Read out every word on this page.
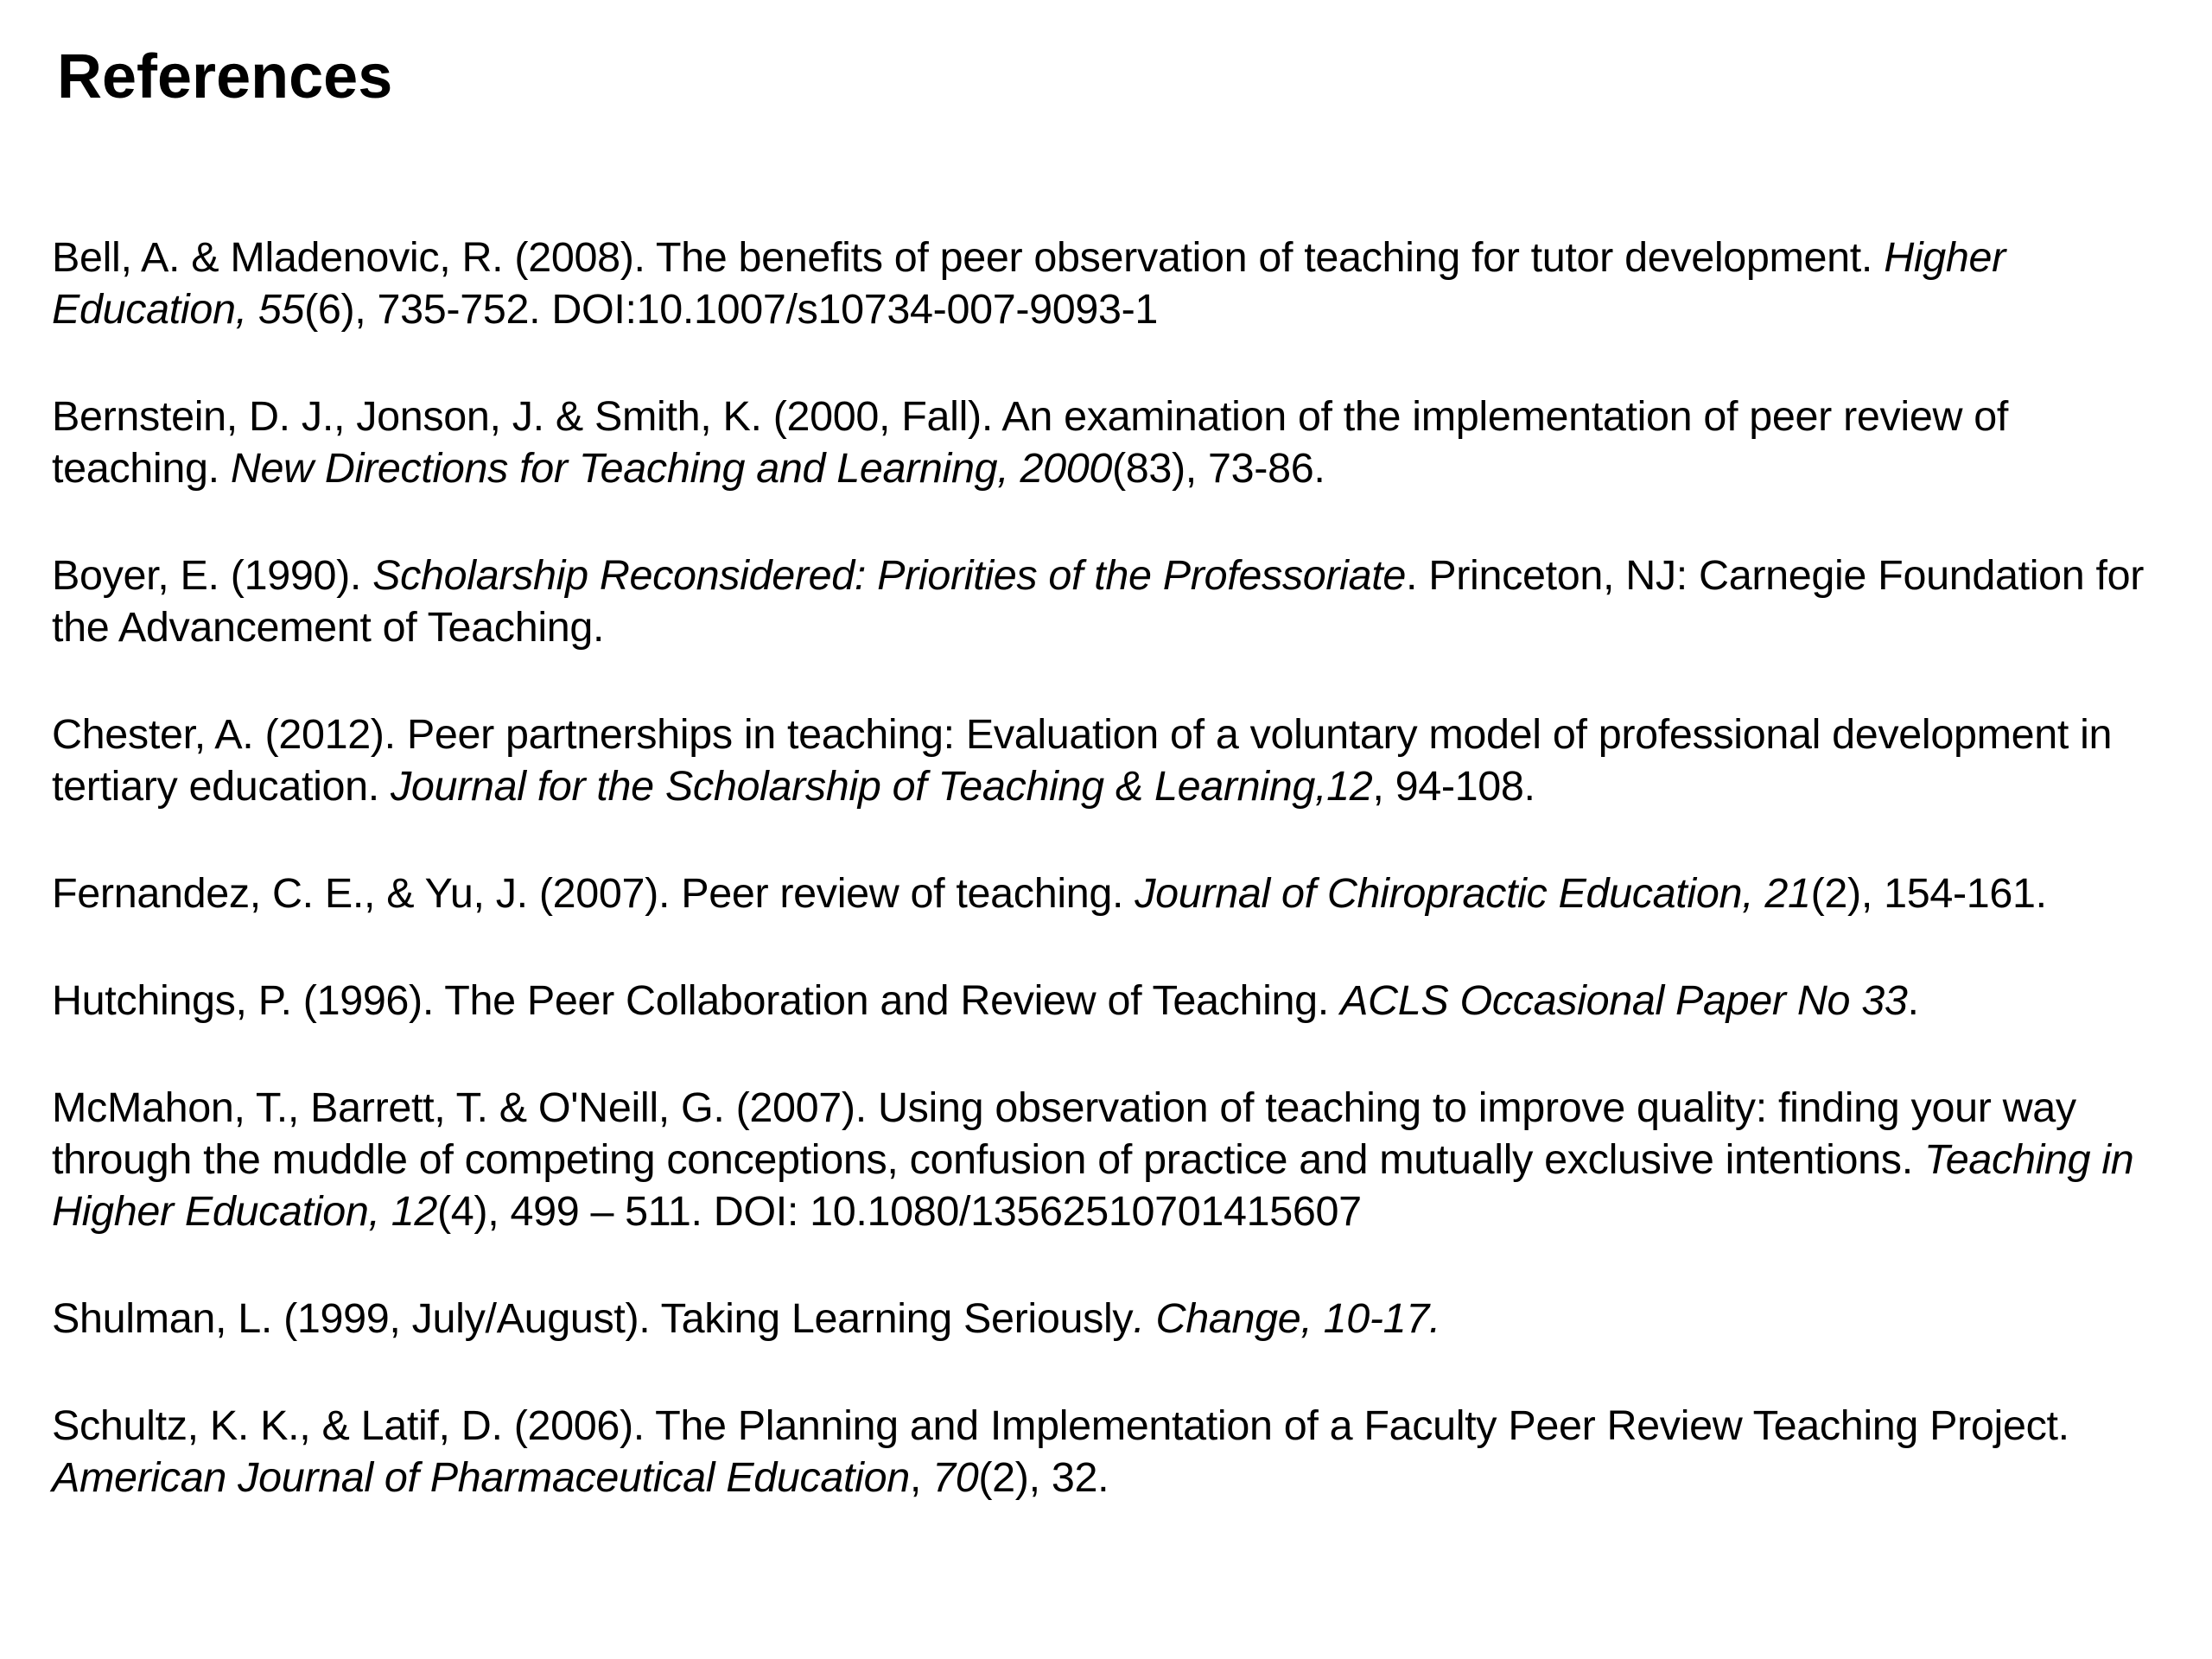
References
Bell, A. & Mladenovic, R. (2008). The benefits of peer observation of teaching for tutor development. Higher Education, 55(6), 735-752. DOI:10.1007/s10734-007-9093-1
Bernstein, D. J., Jonson, J. & Smith, K. (2000, Fall). An examination of the implementation of peer review of teaching. New Directions for Teaching and Learning, 2000(83), 73-86.
Boyer, E. (1990). Scholarship Reconsidered: Priorities of the Professoriate. Princeton, NJ: Carnegie Foundation for the Advancement of Teaching.
Chester, A. (2012). Peer partnerships in teaching: Evaluation of a voluntary model of professional development in tertiary education. Journal for the Scholarship of Teaching & Learning,12, 94-108.
Fernandez, C. E., & Yu, J. (2007). Peer review of teaching. Journal of Chiropractic Education, 21(2), 154-161.
Hutchings, P. (1996). The Peer Collaboration and Review of Teaching. ACLS Occasional Paper No 33.
McMahon, T., Barrett, T. & O'Neill, G. (2007). Using observation of teaching to improve quality: finding your way through the muddle of competing conceptions, confusion of practice and mutually exclusive intentions. Teaching in Higher Education, 12(4), 499 – 511. DOI: 10.1080/13562510701415607
Shulman, L. (1999, July/August). Taking Learning Seriously. Change, 10-17.
Schultz, K. K., & Latif, D. (2006). The Planning and Implementation of a Faculty Peer Review Teaching Project. American Journal of Pharmaceutical Education, 70(2), 32.
